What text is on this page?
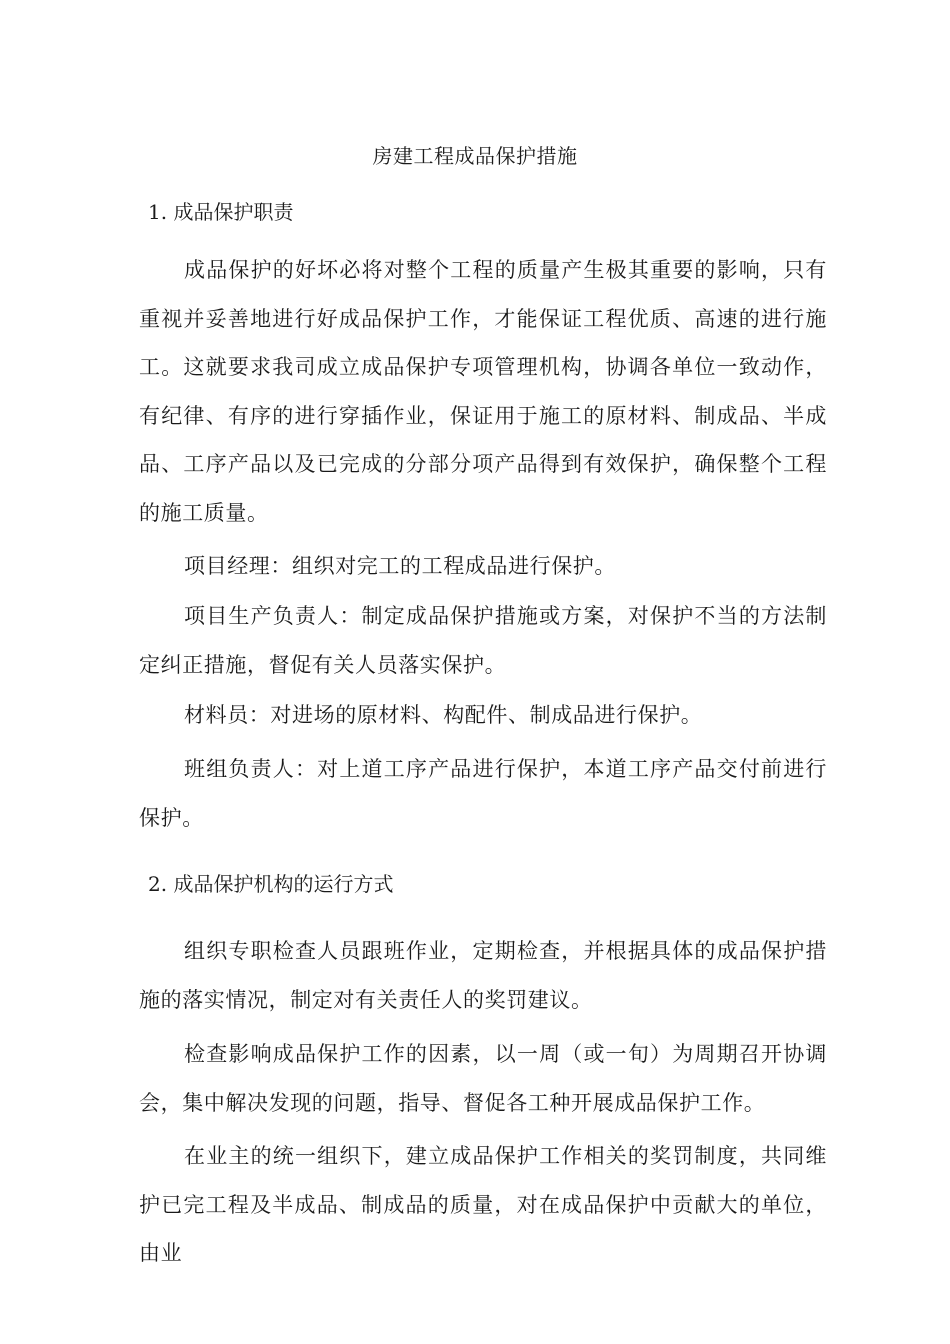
房建工程成品保护措施
1. 成品保护职责

成品保护的好坏必将对整个工程的质量产生极其重要的影响，只有重视并妥善地进行好成品保护工作，才能保证工程优质、高速的进行施工。这就要求我司成立成品保护专项管理机构，协调各单位一致动作，有纪律、有序的进行穿插作业，保证用于施工的原材料、制成品、半成品、工序产品以及已完成的分部分项产品得到有效保护，确保整个工程的施工质量。

项目经理：组织对完工的工程成品进行保护。

项目生产负责人：制定成品保护措施或方案，对保护不当的方法制定纠正措施，督促有关人员落实保护。

材料员：对进场的原材料、构配件、制成品进行保护。

班组负责人：对上道工序产品进行保护，本道工序产品交付前进行保护。

2. 成品保护机构的运行方式

组织专职检查人员跟班作业，定期检查，并根据具体的成品保护措施的落实情况，制定对有关责任人的奖罚建议。

检查影响成品保护工作的因素，以一周（或一旬）为周期召开协调会，集中解决发现的问题，指导、督促各工种开展成品保护工作。

在业主的统一组织下，建立成品保护工作相关的奖罚制度，共同维护已完工程及半成品、制成品的质量，对在成品保护中贡献大的单位，由业
